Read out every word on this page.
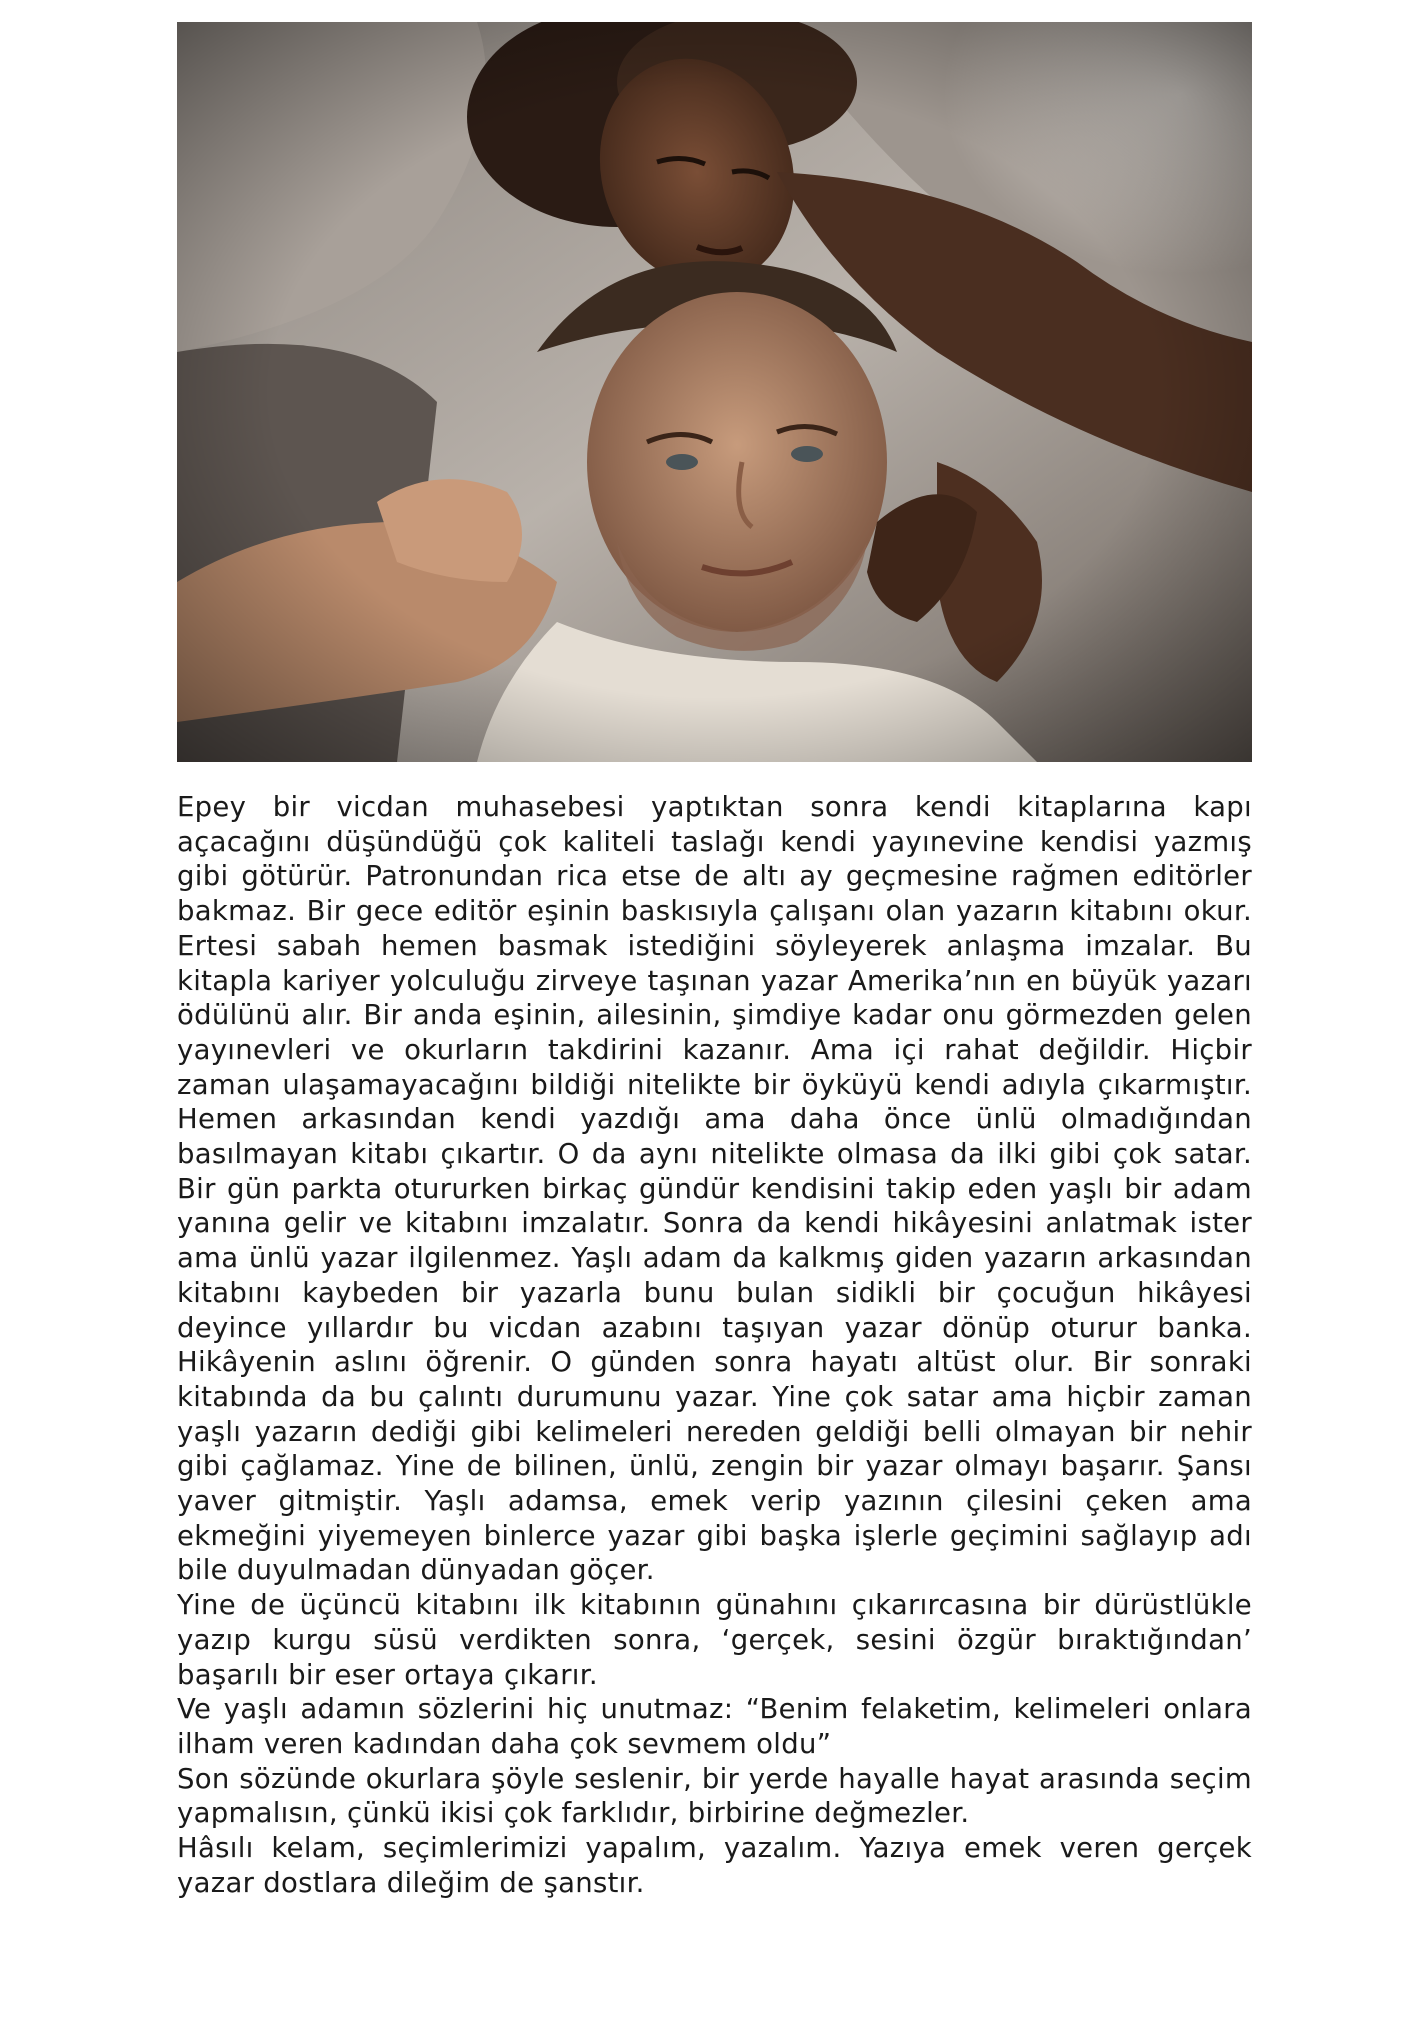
Epey bir vicdan muhasebesi yaptıktan sonra kendi kitaplarına kapı açacağını düşündüğü çok kaliteli taslağı kendi yayınevine kendisi yazmış gibi götürür. Patronundan rica etse de altı ay geçmesine rağmen editörler bakmaz. Bir gece editör eşinin baskısıyla çalışanı olan yazarın kitabını okur. Ertesi sabah hemen basmak istediğini söyleyerek anlaşma imzalar. Bu kitapla kariyer yolculuğu zirveye taşınan yazar Amerika’nın en büyük yazarı ödülünü alır. Bir anda eşinin, ailesinin, şimdiye kadar onu görmezden gelen yayınevleri ve okurların takdirini kazanır. Ama içi rahat değildir. Hiçbir zaman ulaşamayacağını bildiği nitelikte bir öyküyü kendi adıyla çıkarmıştır. Hemen arkasından kendi yazdığı ama daha önce ünlü olmadığından basılmayan kitabı çıkartır. O da aynı nitelikte olmasa da ilki gibi çok satar. Bir gün parkta otururken birkaç gündür kendisini takip eden yaşlı bir adam yanına gelir ve kitabını imzalatır. Sonra da kendi hikâyesini anlatmak ister ama ünlü yazar ilgilenmez. Yaşlı adam da kalkmış giden yazarın arkasından kitabını kaybeden bir yazarla bunu bulan sidikli bir çocuğun hikâyesi deyince yıllardır bu vicdan azabını taşıyan yazar dönüp oturur banka. Hikâyenin aslını öğrenir. O günden sonra hayatı altüst olur. Bir sonraki kitabında da bu çalıntı durumunu yazar. Yine çok satar ama hiçbir zaman yaşlı yazarın dediği gibi kelimeleri nereden geldiği belli olmayan bir nehir gibi çağlamaz. Yine de bilinen, ünlü, zengin bir yazar olmayı başarır. Şansı yaver gitmiştir. Yaşlı adamsa, emek verip yazının çilesini çeken ama ekmeğini yiyemeyen binlerce yazar gibi başka işlerle geçimini sağlayıp adı bile duyulmadan dünyadan göçer.

Yine de üçüncü kitabını ilk kitabının günahını çıkarırcasına bir dürüstlükle yazıp kurgu süsü verdikten sonra, ‘gerçek, sesini özgür bıraktığından’ başarılı bir eser ortaya çıkarır.

Ve yaşlı adamın sözlerini hiç unutmaz: “Benim felaketim, kelimeleri onlara ilham veren kadından daha çok sevmem oldu”

Son sözünde okurlara şöyle seslenir, bir yerde hayalle hayat arasında seçim yapmalısın, çünkü ikisi çok farklıdır, birbirine değmezler.

Hâsılı kelam, seçimlerimizi yapalım, yazalım. Yazıya emek veren gerçek yazar dostlara dileğim de şanstır.
